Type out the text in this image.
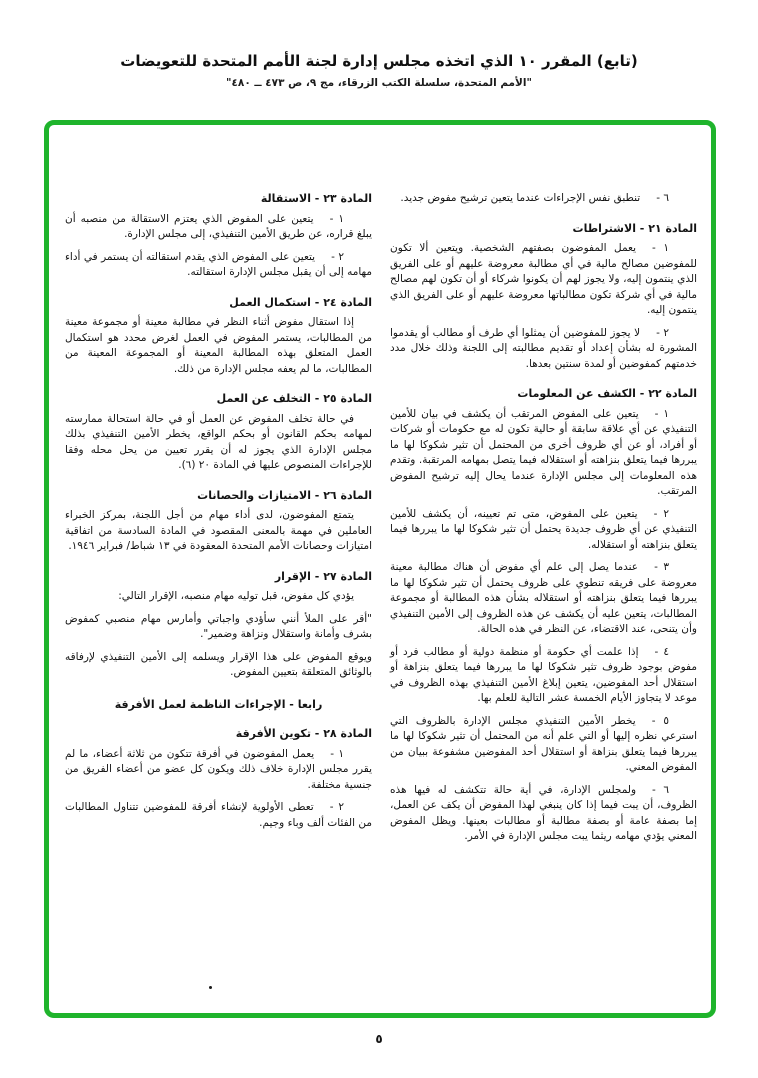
(تابع) المقرر ١٠ الذي اتخذه مجلس إدارة لجنة الأمم المتحدة للتعويضات
"الأمم المتحدة، سلسلة الكتب الزرقاء، مج ٩، ص ٤٧٣ ــ ٤٨٠"
٦ -تنطبق نفس الإجراءات عندما يتعين ترشيح مفوض جديد.
المادة ٢١ - الاشتراطات
١ -يعمل المفوضون بصفتهم الشخصية. ويتعين ألا تكون للمفوضين مصالح مالية في أي مطالبة معروضة عليهم أو على الفريق الذي ينتمون إليه، ولا يجوز لهم أن يكونوا شركاء أو أن تكون لهم مصالح مالية في أي شركة تكون مطالباتها معروضة عليهم أو على الفريق الذي ينتمون إليه.
٢ -لا يجوز للمفوضين أن يمثلوا أي طرف أو مطالب أو يقدموا المشورة له بشأن إعداد أو تقديم مطالبته إلى اللجنة وذلك خلال مدد خدمتهم كمفوضين أو لمدة سنتين بعدها.
المادة ٢٢ - الكشف عن المعلومات
١ -يتعين على المفوض المرتقب أن يكشف في بيان للأمين التنفيذي عن أي علاقة سابقة أو حالية تكون له مع حكومات أو شركات أو أفراد، أو عن أي ظروف أخرى من المحتمل أن تثير شكوكا لها ما يبررها فيما يتعلق بنزاهته أو استقلاله فيما يتصل بمهامه المرتقبة. وتقدم هذه المعلومات إلى مجلس الإدارة عندما يحال إليه ترشيح المفوض المرتقب.
٢ -يتعين على المفوض، متى تم تعيينه، أن يكشف للأمين التنفيذي عن أي ظروف جديدة يحتمل أن تثير شكوكا لها ما يبررها فيما يتعلق بنزاهته أو استقلاله.
٣ -عندما يصل إلى علم أي مفوض أن هناك مطالبة معينة معروضة على فريقه تنطوي على ظروف يحتمل أن تثير شكوكا لها ما يبررها فيما يتعلق بنزاهته أو استقلاله بشأن هذه المطالبة أو مجموعة المطالبات، يتعين عليه أن يكشف عن هذه الظروف إلى الأمين التنفيذي وأن يتنحى، عند الاقتضاء، عن النظر في هذه الحالة.
٤ -إذا علمت أي حكومة أو منظمة دولية أو مطالب فرد أو مفوض بوجود ظروف تثير شكوكا لها ما يبررها فيما يتعلق بنزاهة أو استقلال أحد المفوضين، يتعين إبلاغ الأمين التنفيذي بهذه الظروف في موعد لا يتجاوز الأيام الخمسة عشر التالية للعلم بها.
٥ -يخطر الأمين التنفيذي مجلس الإدارة بالظروف التي استرعي نظره إليها أو التي علم أنه من المحتمل أن تثير شكوكا لها ما يبررها فيما يتعلق بنزاهة أو استقلال أحد المفوضين مشفوعة ببيان من المفوض المعني.
٦ -ولمجلس الإدارة، في أية حالة تتكشف له فيها هذه الظروف، أن يبت فيما إذا كان ينبغي لهذا المفوض أن يكف عن العمل، إما بصفة عامة أو بصفة مطالبة أو مطالبات بعينها. ويظل المفوض المعني يؤدي مهامه ريثما يبت مجلس الإدارة في الأمر.
المادة ٢٣ - الاستقالة
١ -يتعين على المفوض الذي يعتزم الاستقالة من منصبه أن يبلغ قراره، عن طريق الأمين التنفيذي، إلى مجلس الإدارة.
٢ -يتعين على المفوض الذي يقدم استقالته أن يستمر في أداء مهامه إلى أن يقبل مجلس الإدارة استقالته.
المادة ٢٤ - استكمال العمل
إذا استقال مفوض أثناء النظر في مطالبة معينة أو مجموعة معينة من المطالبات، يستمر المفوض في العمل لغرض محدد هو استكمال العمل المتعلق بهذه المطالبة المعينة أو المجموعة المعينة من المطالبات، ما لم يعفه مجلس الإدارة من ذلك.
المادة ٢٥ - التخلف عن العمل
في حالة تخلف المفوض عن العمل أو في حالة استحالة ممارسته لمهامه بحكم القانون أو بحكم الواقع، يخطر الأمين التنفيذي بذلك مجلس الإدارة الذي يجوز له أن يقرر تعيين من يحل محله وفقا للإجراءات المنصوص عليها في المادة ٢٠ (٦).
المادة ٢٦ - الامتيازات والحصانات
يتمتع المفوضون، لدى أداء مهام من أجل اللجنة، بمركز الخبراء العاملين في مهمة بالمعنى المقصود في المادة السادسة من اتفاقية امتيازات وحصانات الأمم المتحدة المعقودة في ١٣ شباط/ فبراير ١٩٤٦.
المادة ٢٧ - الإقرار
يؤدي كل مفوض، قبل توليه مهام منصبه، الإقرار التالي:
"أقر على الملأ أنني سأؤدي واجباتي وأمارس مهام منصبي كمفوض بشرف وأمانة واستقلال ونزاهة وضمير".
ويوقع المفوض على هذا الإقرار ويسلمه إلى الأمين التنفيذي لإرفاقه بالوثائق المتعلقة بتعيين المفوض.
رابعا - الإجراءات الناظمة لعمل الأفرقة
المادة ٢٨ - تكوين الأفرقة
١ -يعمل المفوضون في أفرقة تتكون من ثلاثة أعضاء، ما لم يقرر مجلس الإدارة خلاف ذلك ويكون كل عضو من أعضاء الفريق من جنسية مختلفة.
٢ -تعطى الأولوية لإنشاء أفرقة للمفوضين تتناول المطالبات من الفئات ألف وباء وجيم.
٥
